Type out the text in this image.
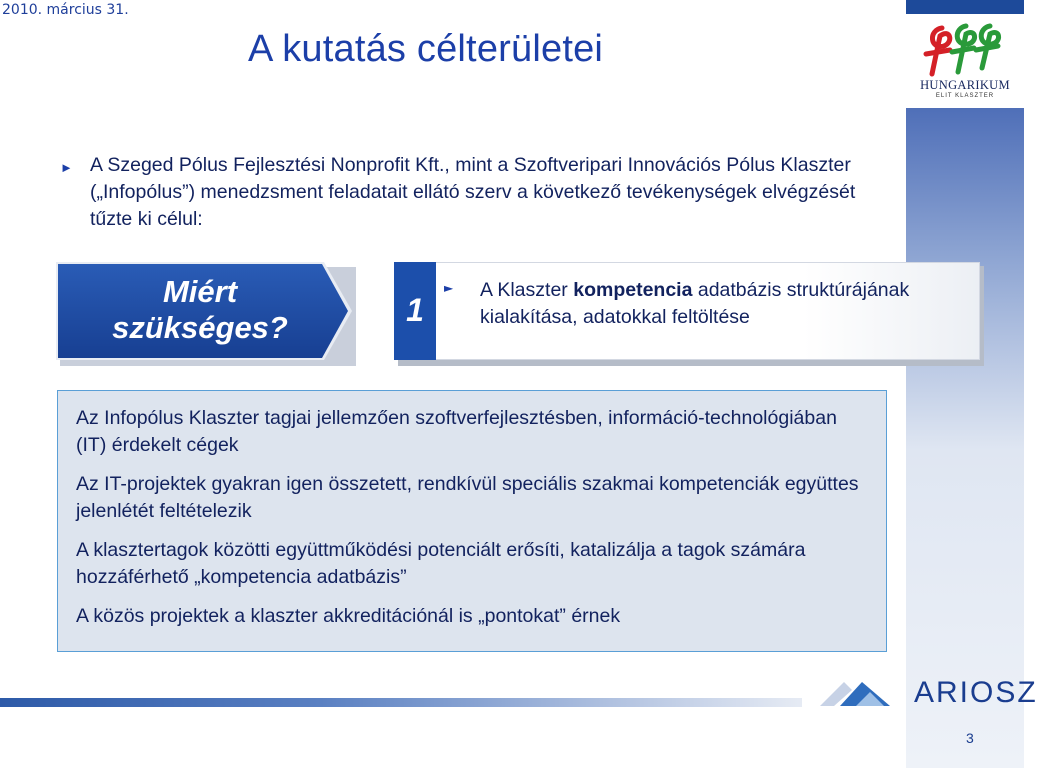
2010. március 31.
A kutatás célterületei
HUNGARIKUM
ELIT KLASZTER
► A Szeged Pólus Fejlesztési Nonprofit Kft., mint a Szoftveripari Innovációs Pólus Klaszter („Infopólus”) menedzsment feladatait ellátó szerv a következő tevékenységek elvégzését tűzte ki célul:
Miért
szükséges?	1
► A Klaszter kompetencia adatbázis struktúrájának kialakítása, adatokkal feltöltése

Az Infopólus Klaszter tagjai jellemzően szoftverfejlesztésben, információ-technológiában (IT) érdekelt cégek

Az IT-projektek gyakran igen összetett, rendkívül speciális szakmai kompetenciák együttes jelenlétét feltételezik

A klasztertagok közötti együttműködési potenciált erősíti, katalizálja a tagok számára hozzáférhető „kompetencia adatbázis”

A közös projektek a klaszter akkreditációnál is „pontokat” érnek

ARIOSZ
3
